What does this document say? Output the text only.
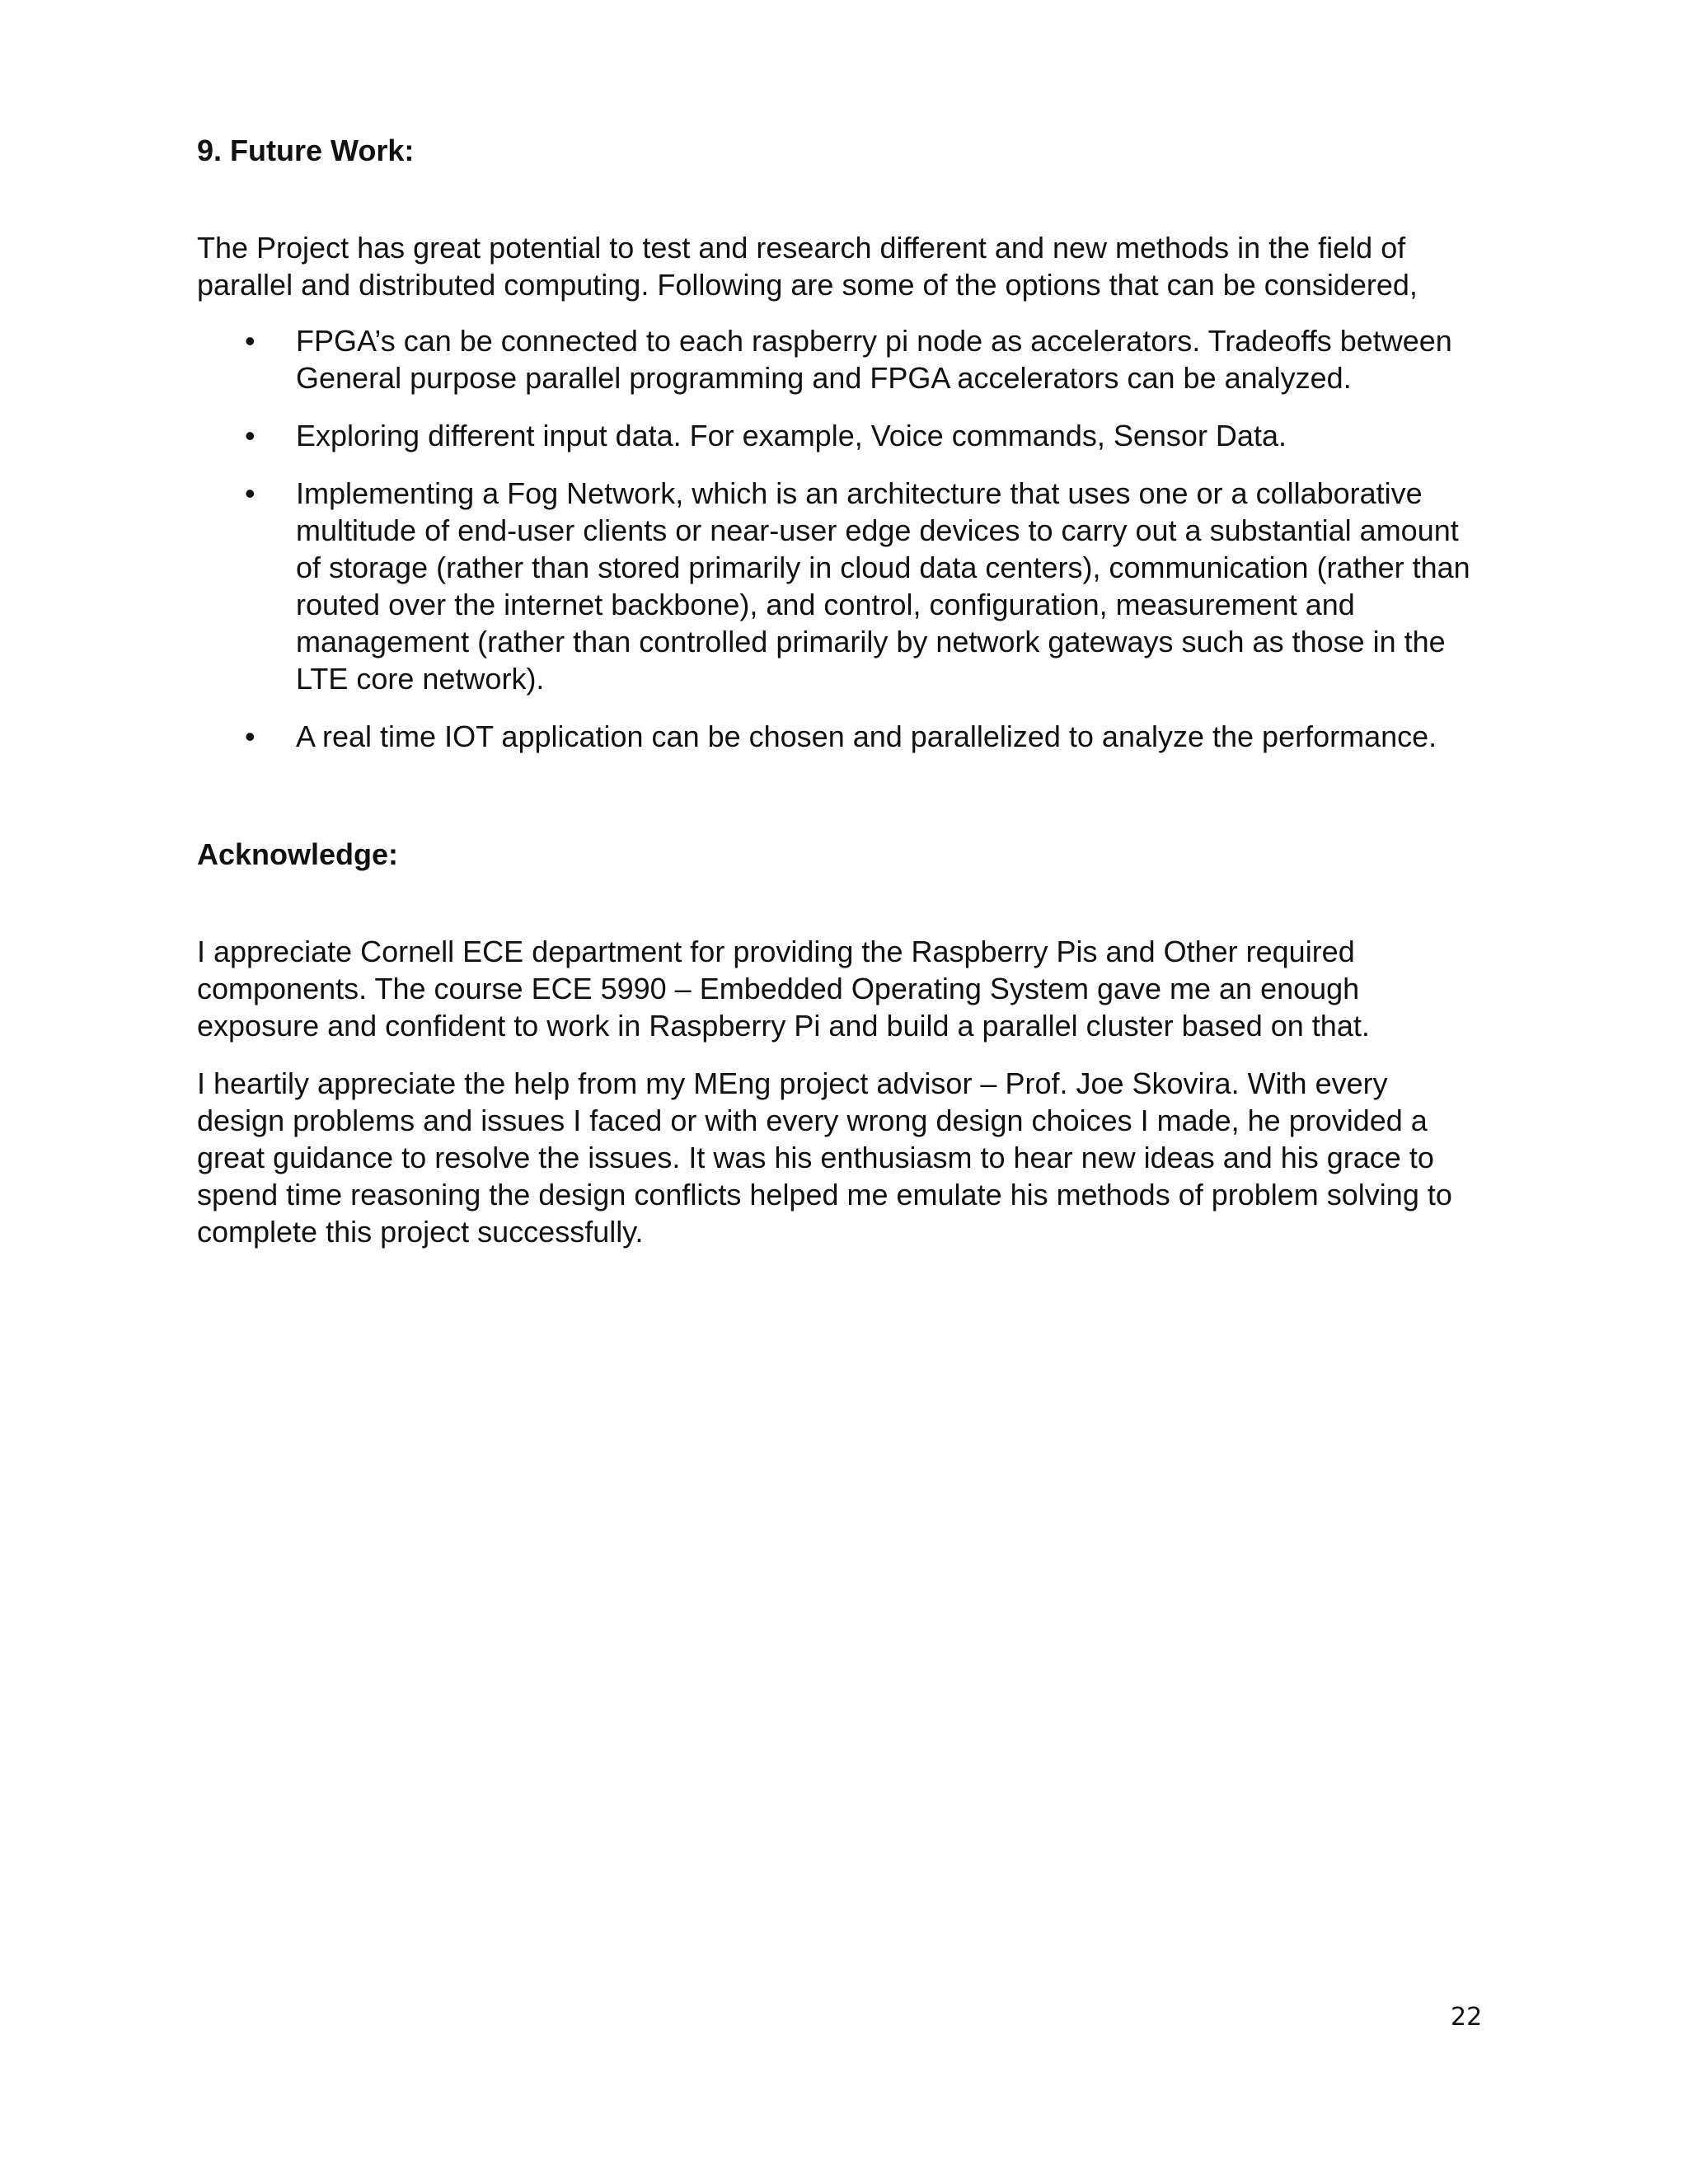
9. Future Work:

The Project has great potential to test and research different and new methods in the field of parallel and distributed computing. Following are some of the options that can be considered,

• FPGA’s can be connected to each raspberry pi node as accelerators. Tradeoffs between General purpose parallel programming and FPGA accelerators can be analyzed.
• Exploring different input data. For example, Voice commands, Sensor Data.
• Implementing a Fog Network, which is an architecture that uses one or a collaborative multitude of end-user clients or near-user edge devices to carry out a substantial amount of storage (rather than stored primarily in cloud data centers), communication (rather than routed over the internet backbone), and control, configuration, measurement and management (rather than controlled primarily by network gateways such as those in the LTE core network).
• A real time IOT application can be chosen and parallelized to analyze the performance.
Acknowledge:

I appreciate Cornell ECE department for providing the Raspberry Pis and Other required components. The course ECE 5990 – Embedded Operating System gave me an enough exposure and confident to work in Raspberry Pi and build a parallel cluster based on that.

I heartily appreciate the help from my MEng project advisor – Prof. Joe Skovira. With every design problems and issues I faced or with every wrong design choices I made, he provided a great guidance to resolve the issues. It was his enthusiasm to hear new ideas and his grace to spend time reasoning the design conflicts helped me emulate his methods of problem solving to complete this project successfully.

22
